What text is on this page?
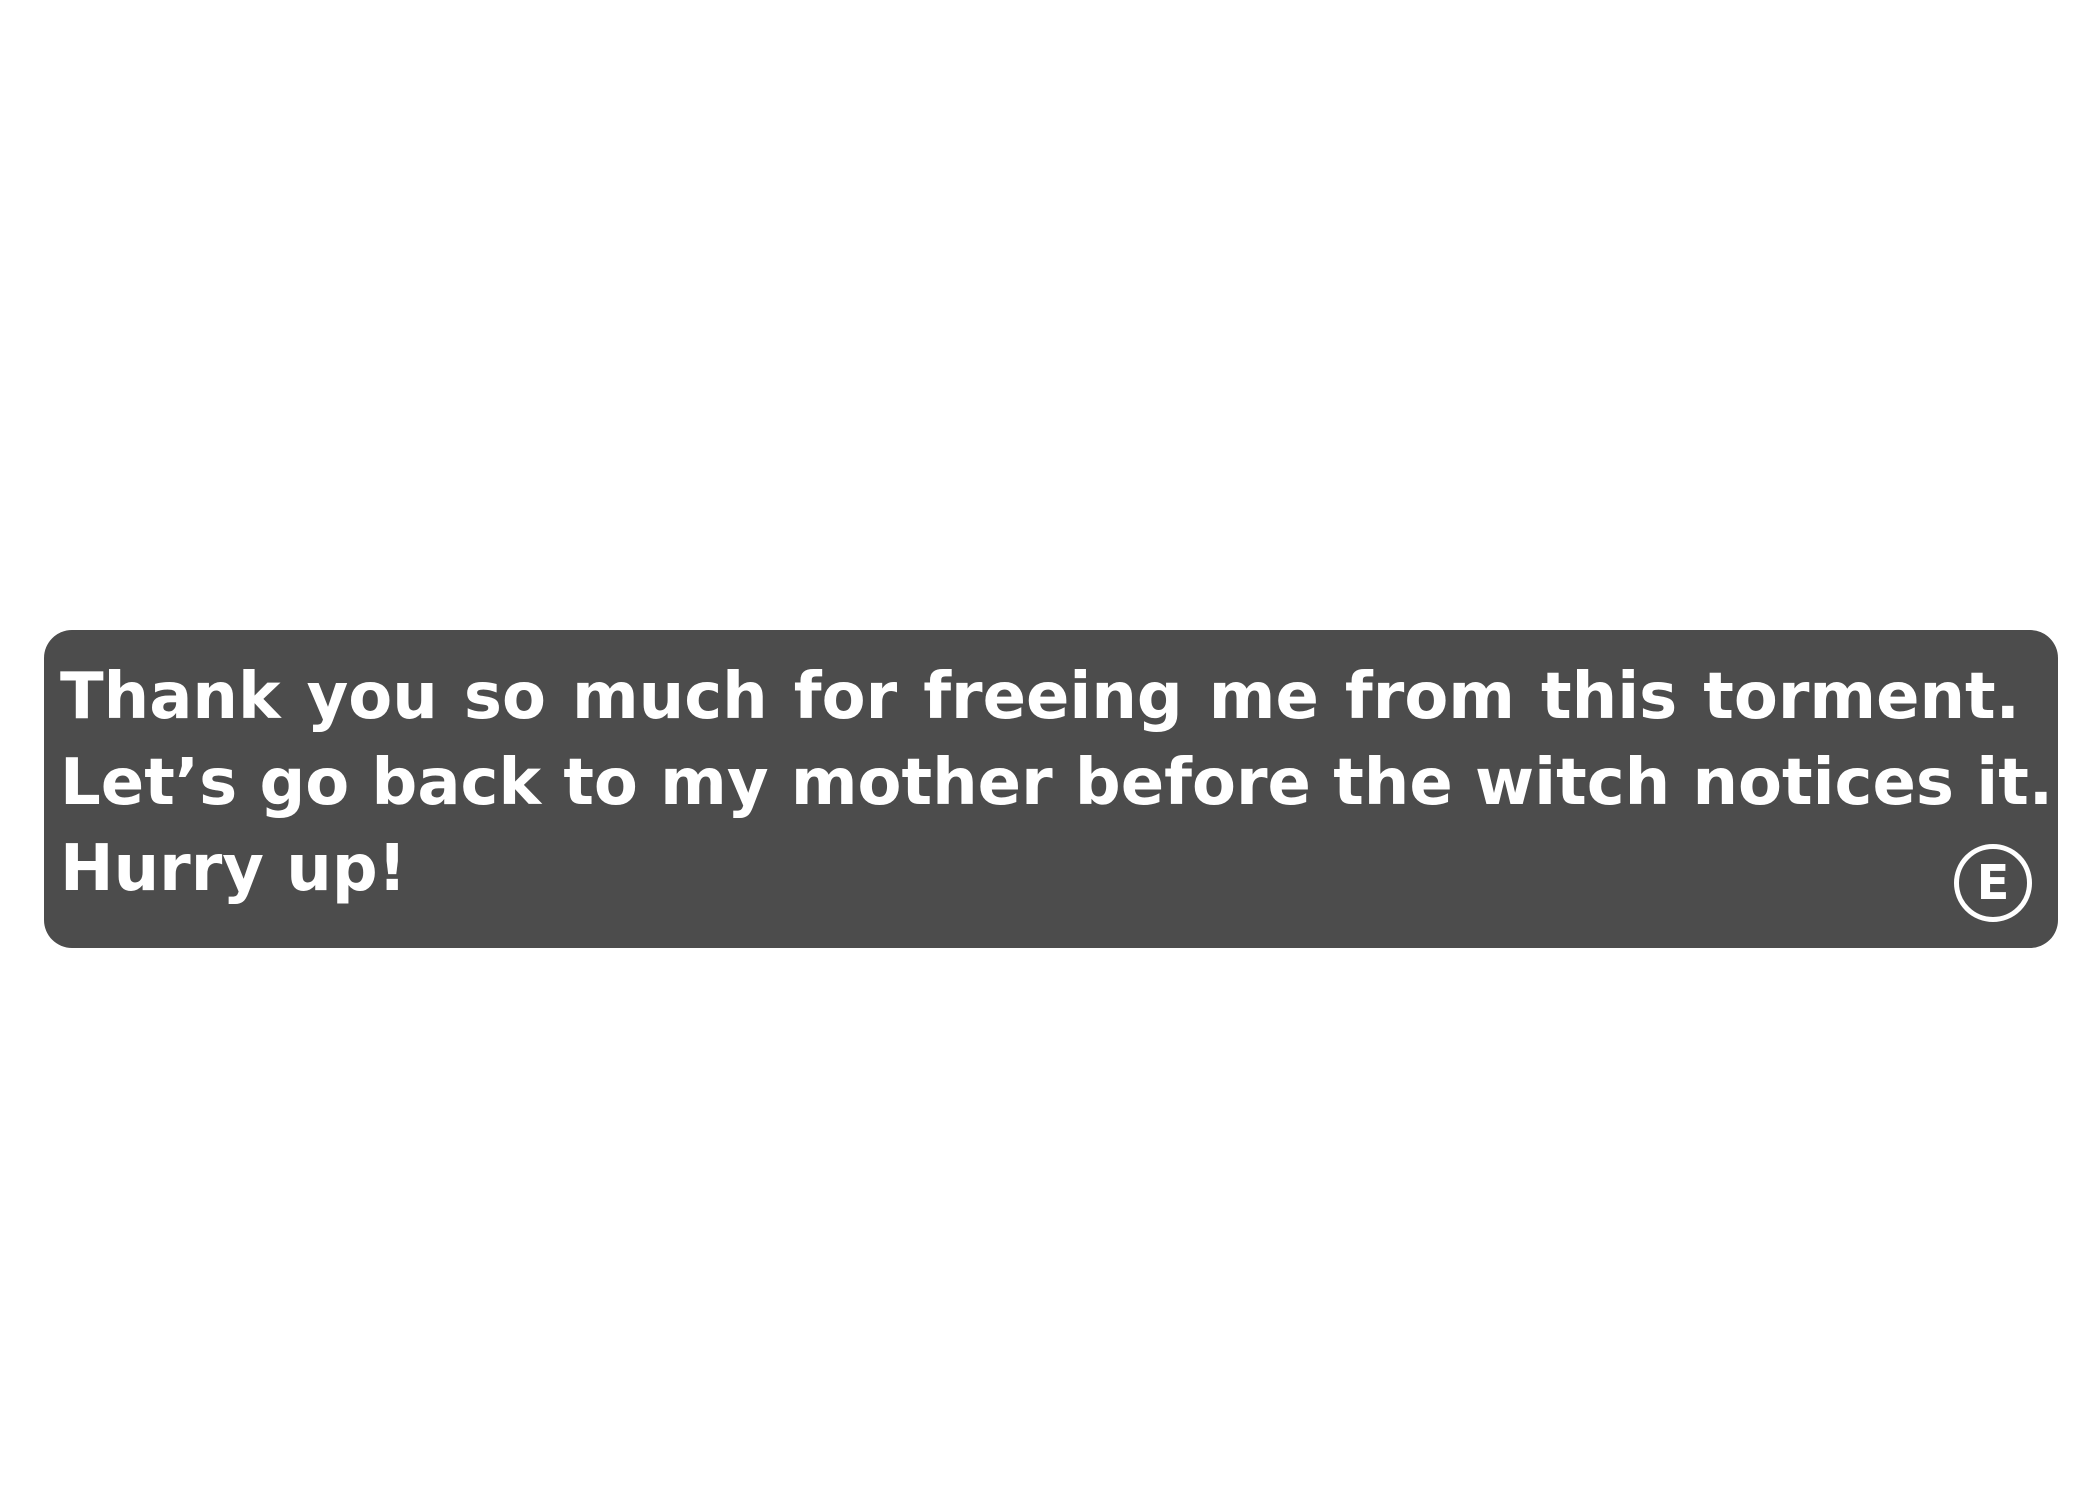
Thank you so much for freeing me from this torment.
Let’s go back to my mother before the witch notices it.
Hurry up!	E
